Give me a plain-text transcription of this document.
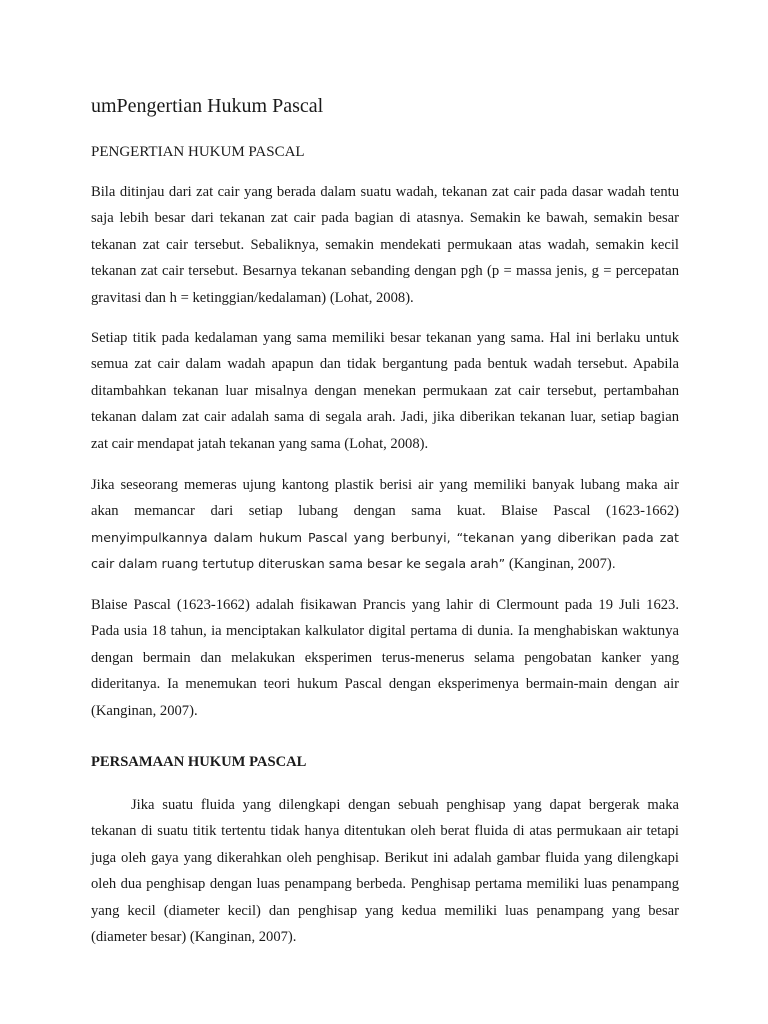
umPengertian Hukum Pascal
PENGERTIAN HUKUM PASCAL

Bila ditinjau dari zat cair yang berada dalam suatu wadah, tekanan zat cair pada dasar wadah tentu saja lebih besar dari tekanan zat cair pada bagian di atasnya. Semakin ke bawah, semakin besar tekanan zat cair tersebut. Sebaliknya, semakin mendekati permukaan atas wadah, semakin kecil tekanan zat cair tersebut. Besarnya tekanan sebanding dengan pgh (p = massa jenis, g = percepatan gravitasi dan h = ketinggian/kedalaman) (Lohat, 2008).

Setiap titik pada kedalaman yang sama memiliki besar tekanan yang sama. Hal ini berlaku untuk semua zat cair dalam wadah apapun dan tidak bergantung pada bentuk wadah tersebut. Apabila ditambahkan tekanan luar misalnya dengan menekan permukaan zat cair tersebut, pertambahan tekanan dalam zat cair adalah sama di segala arah. Jadi, jika diberikan tekanan luar, setiap bagian zat cair mendapat jatah tekanan yang sama (Lohat, 2008).

Jika seseorang memeras ujung kantong plastik berisi air yang memiliki banyak lubang maka air akan memancar dari setiap lubang dengan sama kuat. Blaise Pascal (1623-1662) menyimpulkannya dalam hukum Pascal yang berbunyi, “tekanan yang diberikan pada zat cair dalam ruang tertutup diteruskan sama besar ke segala arah” (Kanginan, 2007).

Blaise Pascal (1623-1662) adalah fisikawan Prancis yang lahir di Clermount pada 19 Juli 1623. Pada usia 18 tahun, ia menciptakan kalkulator digital pertama di dunia. Ia menghabiskan waktunya dengan bermain dan melakukan eksperimen terus-menerus selama pengobatan kanker yang dideritanya. Ia menemukan teori hukum Pascal dengan eksperimenya bermain-main dengan air (Kanginan, 2007).

PERSAMAAN HUKUM PASCAL

Jika suatu fluida yang dilengkapi dengan sebuah penghisap yang dapat bergerak maka tekanan di suatu titik tertentu tidak hanya ditentukan oleh berat fluida di atas permukaan air tetapi juga oleh gaya yang dikerahkan oleh penghisap. Berikut ini adalah gambar fluida yang dilengkapi oleh dua penghisap dengan luas penampang berbeda. Penghisap pertama memiliki luas penampang yang kecil (diameter kecil) dan penghisap yang kedua memiliki luas penampang yang besar (diameter besar) (Kanginan, 2007).
